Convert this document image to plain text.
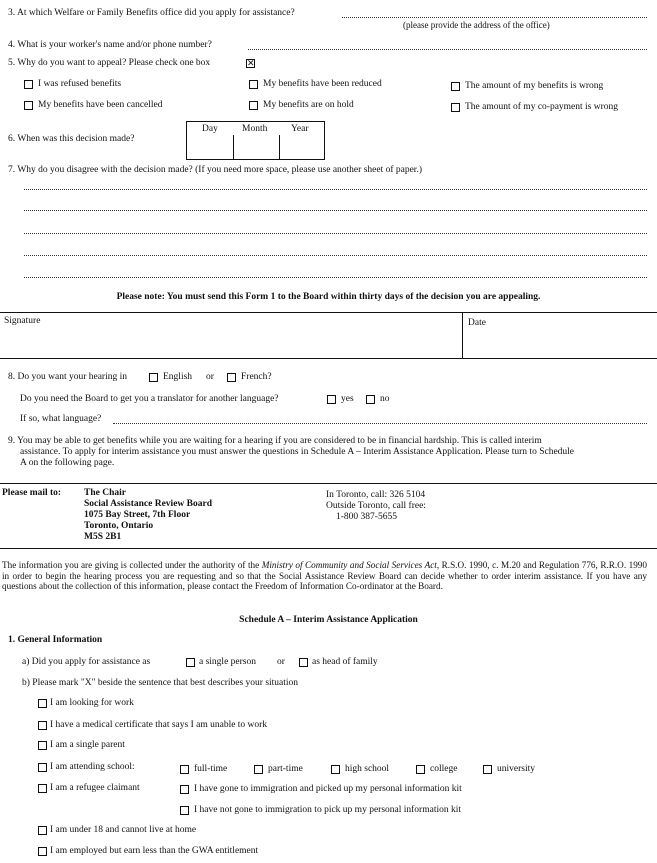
3. At which Welfare or Family Benefits office did you apply for assistance?
(please provide the address of the office)
4. What is your worker's name and/or phone number?
5. Why do you want to appeal? Please check one box
✕
I was refused benefits	My benefits have been reduced	The amount of my benefits is wrong
My benefits have been cancelled	My benefits are on hold	The amount of my co-payment is wrong
6. When was this decision made?
Day	Month Year
7. Why do you disagree with the decision made? (If you need more space, please use another sheet of paper.)
Please note: You must send this Form 1 to the Board within thirty days of the decision you are appealing.
Signature	Date
8. Do you want your hearing in	English or	French?
Do you need the Board to get you a translator for another language?	yes	no
If so, what language?
9. You may be able to get benefits while you are waiting for a hearing if you are considered to be in financial hardship. This is called interim
assistance. To apply for interim assistance you must answer the questions in Schedule A – Interim Assistance Application. Please turn to Schedule
A on the following page.
Please mail to: The Chair
Social Assistance Review Board
1075 Bay Street, 7th Floor
Toronto, Ontario
M5S 2B1
In Toronto, call: 326 5104
Outside Toronto, call free:
1-800 387-5655
The information you are giving is collected under the authority of the Ministry of Community and Social Services Act, R.S.O. 1990, c. M.20 and Regulation 776, R.R.O. 1990 in order to begin the hearing process you are requesting and so that the Social Assistance Review Board can decide whether to order interim assistance. If you have any questions about the collection of this information, please contact the Freedom of Information Co-ordinator at the Board.
Schedule A – Interim Assistance Application
1. General Information
a) Did you apply for assistance as	a single person or	as head of family
b) Please mark "X" beside the sentence that best describes your situation
I am looking for work
I have a medical certificate that says I am unable to work
I am a single parent
I am attending school:	full-time	part-time	high school	college	university
I am a refugee claimant	I have gone to immigration and picked up my personal information kit
I have not gone to immigration to pick up my personal information kit
I am under 18 and cannot live at home
I am employed but earn less than the GWA entitlement
